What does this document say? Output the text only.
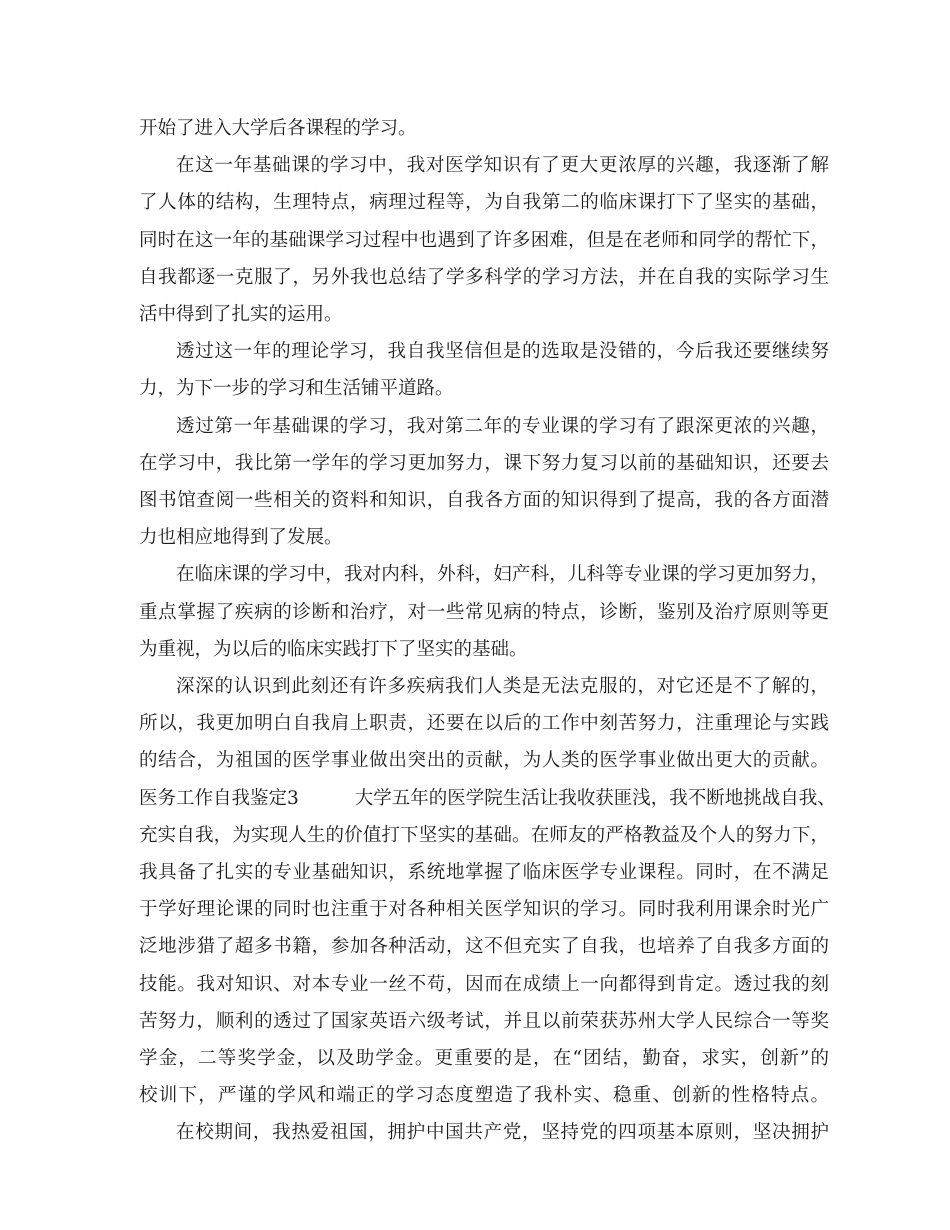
开始了进入大学后各课程的学习。
在这一年基础课的学习中，我对医学知识有了更大更浓厚的兴趣，我逐渐了解
了人体的结构，生理特点，病理过程等，为自我第二的临床课打下了坚实的基础，
同时在这一年的基础课学习过程中也遇到了许多困难，但是在老师和同学的帮忙下，
自我都逐一克服了，另外我也总结了学多科学的学习方法，并在自我的实际学习生
活中得到了扎实的运用。
透过这一年的理论学习，我自我坚信但是的选取是没错的，今后我还要继续努
力，为下一步的学习和生活铺平道路。
透过第一年基础课的学习，我对第二年的专业课的学习有了跟深更浓的兴趣，
在学习中，我比第一学年的学习更加努力，课下努力复习以前的基础知识，还要去
图书馆查阅一些相关的资料和知识，自我各方面的知识得到了提高，我的各方面潜
力也相应地得到了发展。
在临床课的学习中，我对内科，外科，妇产科，儿科等专业课的学习更加努力，
重点掌握了疾病的诊断和治疗，对一些常见病的特点，诊断，鉴别及治疗原则等更
为重视，为以后的临床实践打下了坚实的基础。
深深的认识到此刻还有许多疾病我们人类是无法克服的，对它还是不了解的，
所以，我更加明白自我肩上职责，还要在以后的工作中刻苦努力，注重理论与实践
的结合，为祖国的医学事业做出突出的贡献，为人类的医学事业做出更大的贡献。
医务工作自我鉴定3	大学五年的医学院生活让我收获匪浅，我不断地挑战自我、
充实自我，为实现人生的价值打下坚实的基础。在师友的严格教益及个人的努力下，
我具备了扎实的专业基础知识，系统地掌握了临床医学专业课程。同时，在不满足
于学好理论课的同时也注重于对各种相关医学知识的学习。同时我利用课余时光广
泛地涉猎了超多书籍，参加各种活动，这不但充实了自我，也培养了自我多方面的
技能。我对知识、对本专业一丝不苟，因而在成绩上一向都得到肯定。透过我的刻
苦努力，顺利的透过了国家英语六级考试，并且以前荣获苏州大学人民综合一等奖
学金，二等奖学金，以及助学金。更重要的是，在“团结，勤奋，求实，创新”的
校训下，严谨的学风和端正的学习态度塑造了我朴实、稳重、创新的性格特点。
在校期间，我热爱祖国，拥护中国共产党，坚持党的四项基本原则，坚决拥护
